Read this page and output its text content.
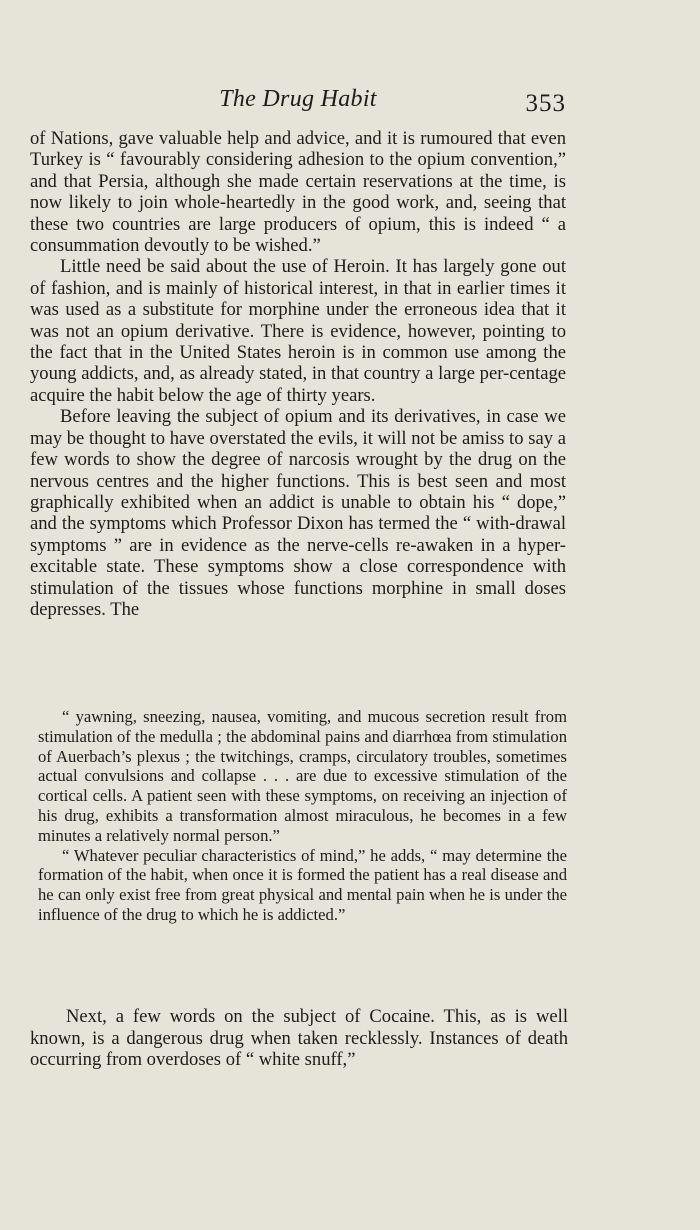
The Drug Habit	353

of Nations, gave valuable help and advice, and it is rumoured that even Turkey is “ favourably considering adhesion to the opium convention,” and that Persia, although she made certain reservations at the time, is now likely to join whole-heartedly in the good work, and, seeing that these two countries are large producers of opium, this is indeed “ a consummation devoutly to be wished.”

Little need be said about the use of Heroin. It has largely gone out of fashion, and is mainly of historical interest, in that in earlier times it was used as a substitute for morphine under the erroneous idea that it was not an opium derivative. There is evidence, however, pointing to the fact that in the United States heroin is in common use among the young addicts, and, as already stated, in that country a large per-centage acquire the habit below the age of thirty years.

Before leaving the subject of opium and its derivatives, in case we may be thought to have overstated the evils, it will not be amiss to say a few words to show the degree of narcosis wrought by the drug on the nervous centres and the higher functions. This is best seen and most graphically exhibited when an addict is unable to obtain his “ dope,” and the symptoms which Professor Dixon has termed the “ with-drawal symptoms ” are in evidence as the nerve-cells re-awaken in a hyper-excitable state. These symptoms show a close correspondence with stimulation of the tissues whose functions morphine in small doses depresses. The

“ yawning, sneezing, nausea, vomiting, and mucous secretion result from stimulation of the medulla ; the abdominal pains and diarrhœa from stimulation of Auerbach’s plexus ; the twitchings, cramps, circulatory troubles, sometimes actual convulsions and collapse . . . are due to excessive stimulation of the cortical cells. A patient seen with these symptoms, on receiving an injection of his drug, exhibits a transformation almost miraculous, he becomes in a few minutes a relatively normal person.”

“ Whatever peculiar characteristics of mind,” he adds, “ may determine the formation of the habit, when once it is formed the patient has a real disease and he can only exist free from great physical and mental pain when he is under the influence of the drug to which he is addicted.”

Next, a few words on the subject of Cocaine. This, as is well known, is a dangerous drug when taken recklessly. Instances of death occurring from overdoses of “ white snuff,”
